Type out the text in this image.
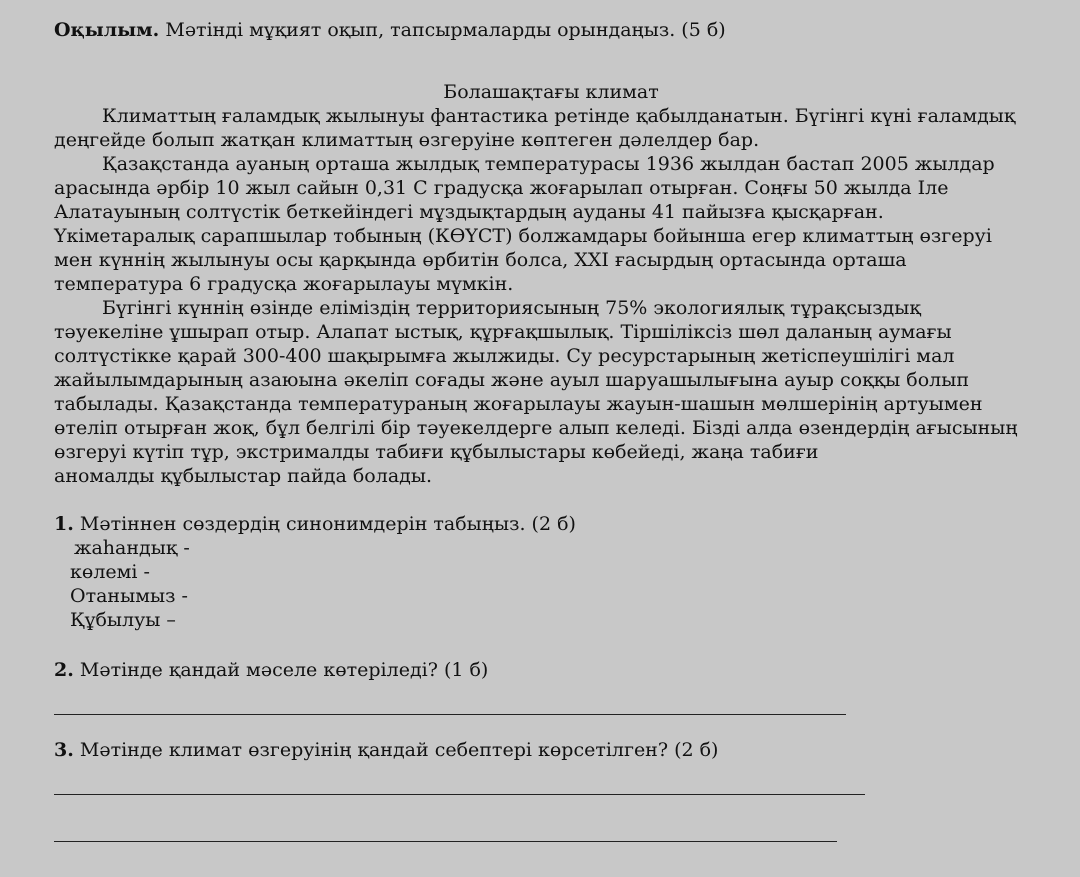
Оқылым. Мәтінді мұқият оқып, тапсырмаларды орындаңыз. (5 б)
Болашақтағы климат
Климаттың ғаламдық жылынуы фантастика ретінде қабылданатын. Бүгінгі күні ғаламдық
деңгейде болып жатқан климаттың өзгеруіне көптеген дәлелдер бар.
Қазақстанда ауаның орташа жылдық температурасы 1936 жылдан бастап 2005 жылдар
арасында әрбір 10 жыл сайын 0,31 С градусқа жоғарылап отырған. Соңғы 50 жылда Іле
Алатауының солтүстік беткейіндегі мұздықтардың ауданы 41 пайызға қысқарған.
Үкіметаралық сарапшылар тобының (КӨҮСТ) болжамдары бойынша егер климаттың өзгеруі
мен күннің жылынуы осы қарқында өрбитін болса, XXI ғасырдың ортасында орташа
температура 6 градусқа жоғарылауы мүмкін.
Бүгінгі күннің өзінде еліміздің территориясының 75% экологиялық тұрақсыздық
тәуекеліне ұшырап отыр. Алапат ыстық, құрғақшылық. Тіршіліксіз шөл даланың аумағы
солтүстікке қарай 300-400 шақырымға жылжиды. Су ресурстарының жетіспеушілігі мал
жайылымдарының азаюына әкеліп соғады және ауыл шаруашылығына ауыр соққы болып
табылады. Қазақстанда температураның жоғарылауы жауын-шашын мөлшерінің артуымен
өтеліп отырған жоқ, бұл белгілі бір тәуекелдерге алып келеді. Бізді алда өзендердің ағысының
өзгеруі күтіп тұр, экстрималды табиғи құбылыстары көбейеді, жаңа табиғи
аномалды құбылыстар пайда болады.
1. Мәтіннен сөздердің синонимдерін табыңыз. (2 б)
жаһандық -
көлемі -
Отанымыз -
Құбылуы –
2. Мәтінде қандай мәселе көтеріледі? (1 б)
3. Мәтінде климат өзгеруінің қандай себептері көрсетілген? (2 б)
